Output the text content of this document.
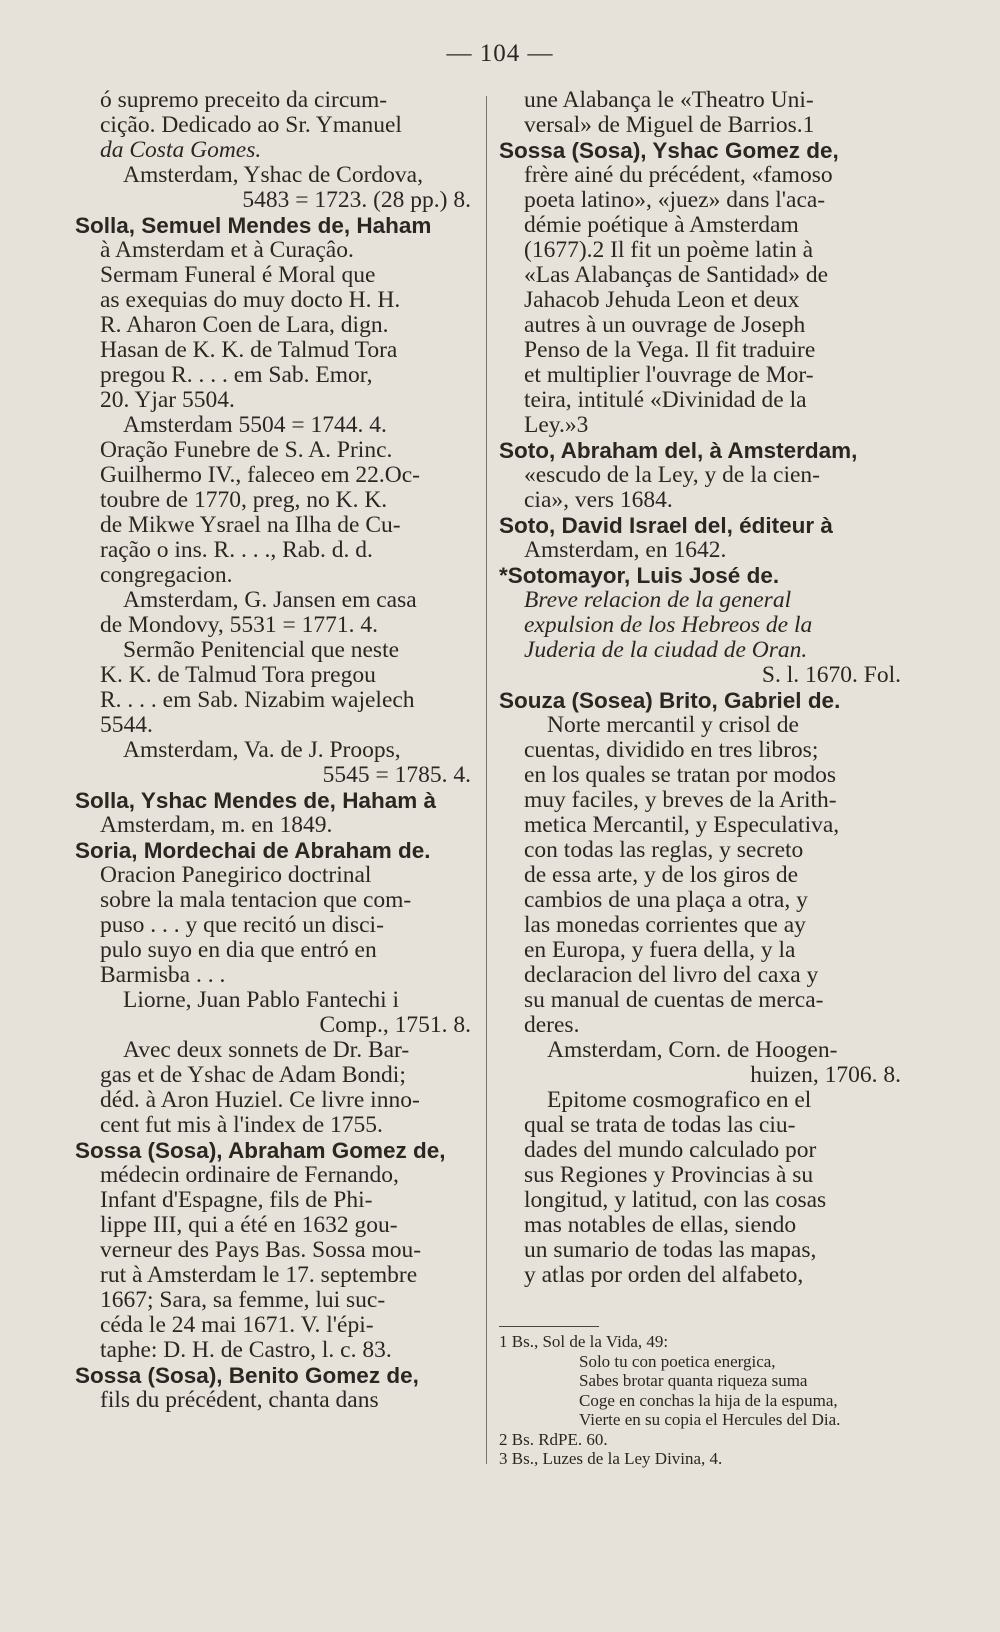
— 104 —
ó supremo preceito da circum-
cição. Dedicado ao Sr. Ymanuel
da Costa Gomes.
Amsterdam, Yshac de Cordova,
5483 = 1723. (28 pp.) 8.
Solla, Semuel Mendes de, Haham
à Amsterdam et à Curaçâo.
Sermam Funeral é Moral que
as exequias do muy docto H. H.
R. Aharon Coen de Lara, dign.
Hasan de K. K. de Talmud Tora
pregou R. . . . em Sab. Emor,
20. Yjar 5504.
Amsterdam 5504 = 1744. 4.
Oração Funebre de S. A. Princ.
Guilhermo IV., faleceo em 22.Oc-
toubre de 1770, preg, no K. K.
de Mikwe Ysrael na Ilha de Cu-
ração o ins. R. . . ., Rab. d. d.
congregacion.
Amsterdam, G. Jansen em casa
de Mondovy, 5531 = 1771. 4.
Sermão Penitencial que neste
K. K. de Talmud Tora pregou
R. . . . em Sab. Nizabim wajelech
5544.
Amsterdam, Va. de J. Proops,
5545 = 1785. 4.
Solla, Yshac Mendes de, Haham à
Amsterdam, m. en 1849.
Soria, Mordechai de Abraham de.
Oracion Panegirico doctrinal
sobre la mala tentacion que com-
puso . . . y que recitó un disci-
pulo suyo en dia que entró en
Barmisba . . .
Liorne, Juan Pablo Fantechi i
Comp., 1751. 8.
Avec deux sonnets de Dr. Bar-
gas et de Yshac de Adam Bondi;
déd. à Aron Huziel. Ce livre inno-
cent fut mis à l'index de 1755.
Sossa (Sosa), Abraham Gomez de,
médecin ordinaire de Fernando,
Infant d'Espagne, fils de Phi-
lippe III, qui a été en 1632 gou-
verneur des Pays Bas. Sossa mou-
rut à Amsterdam le 17. septembre
1667; Sara, sa femme, lui suc-
céda le 24 mai 1671. V. l'épi-
taphe: D. H. de Castro, l. c. 83.
Sossa (Sosa), Benito Gomez de,
fils du précédent, chanta dans
une Alabança le «Theatro Uni-
versal» de Miguel de Barrios.1
Sossa (Sosa), Yshac Gomez de,
frère ainé du précédent, «famoso
poeta latino», «juez» dans l'aca-
démie poétique à Amsterdam
(1677).2 Il fit un poème latin à
«Las Alabanças de Santidad» de
Jahacob Jehuda Leon et deux
autres à un ouvrage de Joseph
Penso de la Vega. Il fit traduire
et multiplier l'ouvrage de Mor-
teira, intitulé «Divinidad de la
Ley.»3
Soto, Abraham del, à Amsterdam,
«escudo de la Ley, y de la cien-
cia», vers 1684.
Soto, David Israel del, éditeur à
Amsterdam, en 1642.
*Sotomayor, Luis José de.
Breve relacion de la general
expulsion de los Hebreos de la
Juderia de la ciudad de Oran.
S. l. 1670. Fol.
Souza (Sosea) Brito, Gabriel de.
Norte mercantil y crisol de
cuentas, dividido en tres libros;
en los quales se tratan por modos
muy faciles, y breves de la Arith-
metica Mercantil, y Especulativa,
con todas las reglas, y secreto
de essa arte, y de los giros de
cambios de una plaça a otra, y
las monedas corrientes que ay
en Europa, y fuera della, y la
declaracion del livro del caxa y
su manual de cuentas de merca-
deres.
Amsterdam, Corn. de Hoogen-
huizen, 1706. 8.
Epitome cosmografico en el
qual se trata de todas las ciu-
dades del mundo calculado por
sus Regiones y Provincias à su
longitud, y latitud, con las cosas
mas notables de ellas, siendo
un sumario de todas las mapas,
y atlas por orden del alfabeto,
1 Bs., Sol de la Vida, 49:
Solo tu con poetica energica,
Sabes brotar quanta riqueza suma
Coge en conchas la hija de la espuma,
Vierte en su copia el Hercules del Dia.
2 Bs. RdPE. 60.
3 Bs., Luzes de la Ley Divina, 4.
